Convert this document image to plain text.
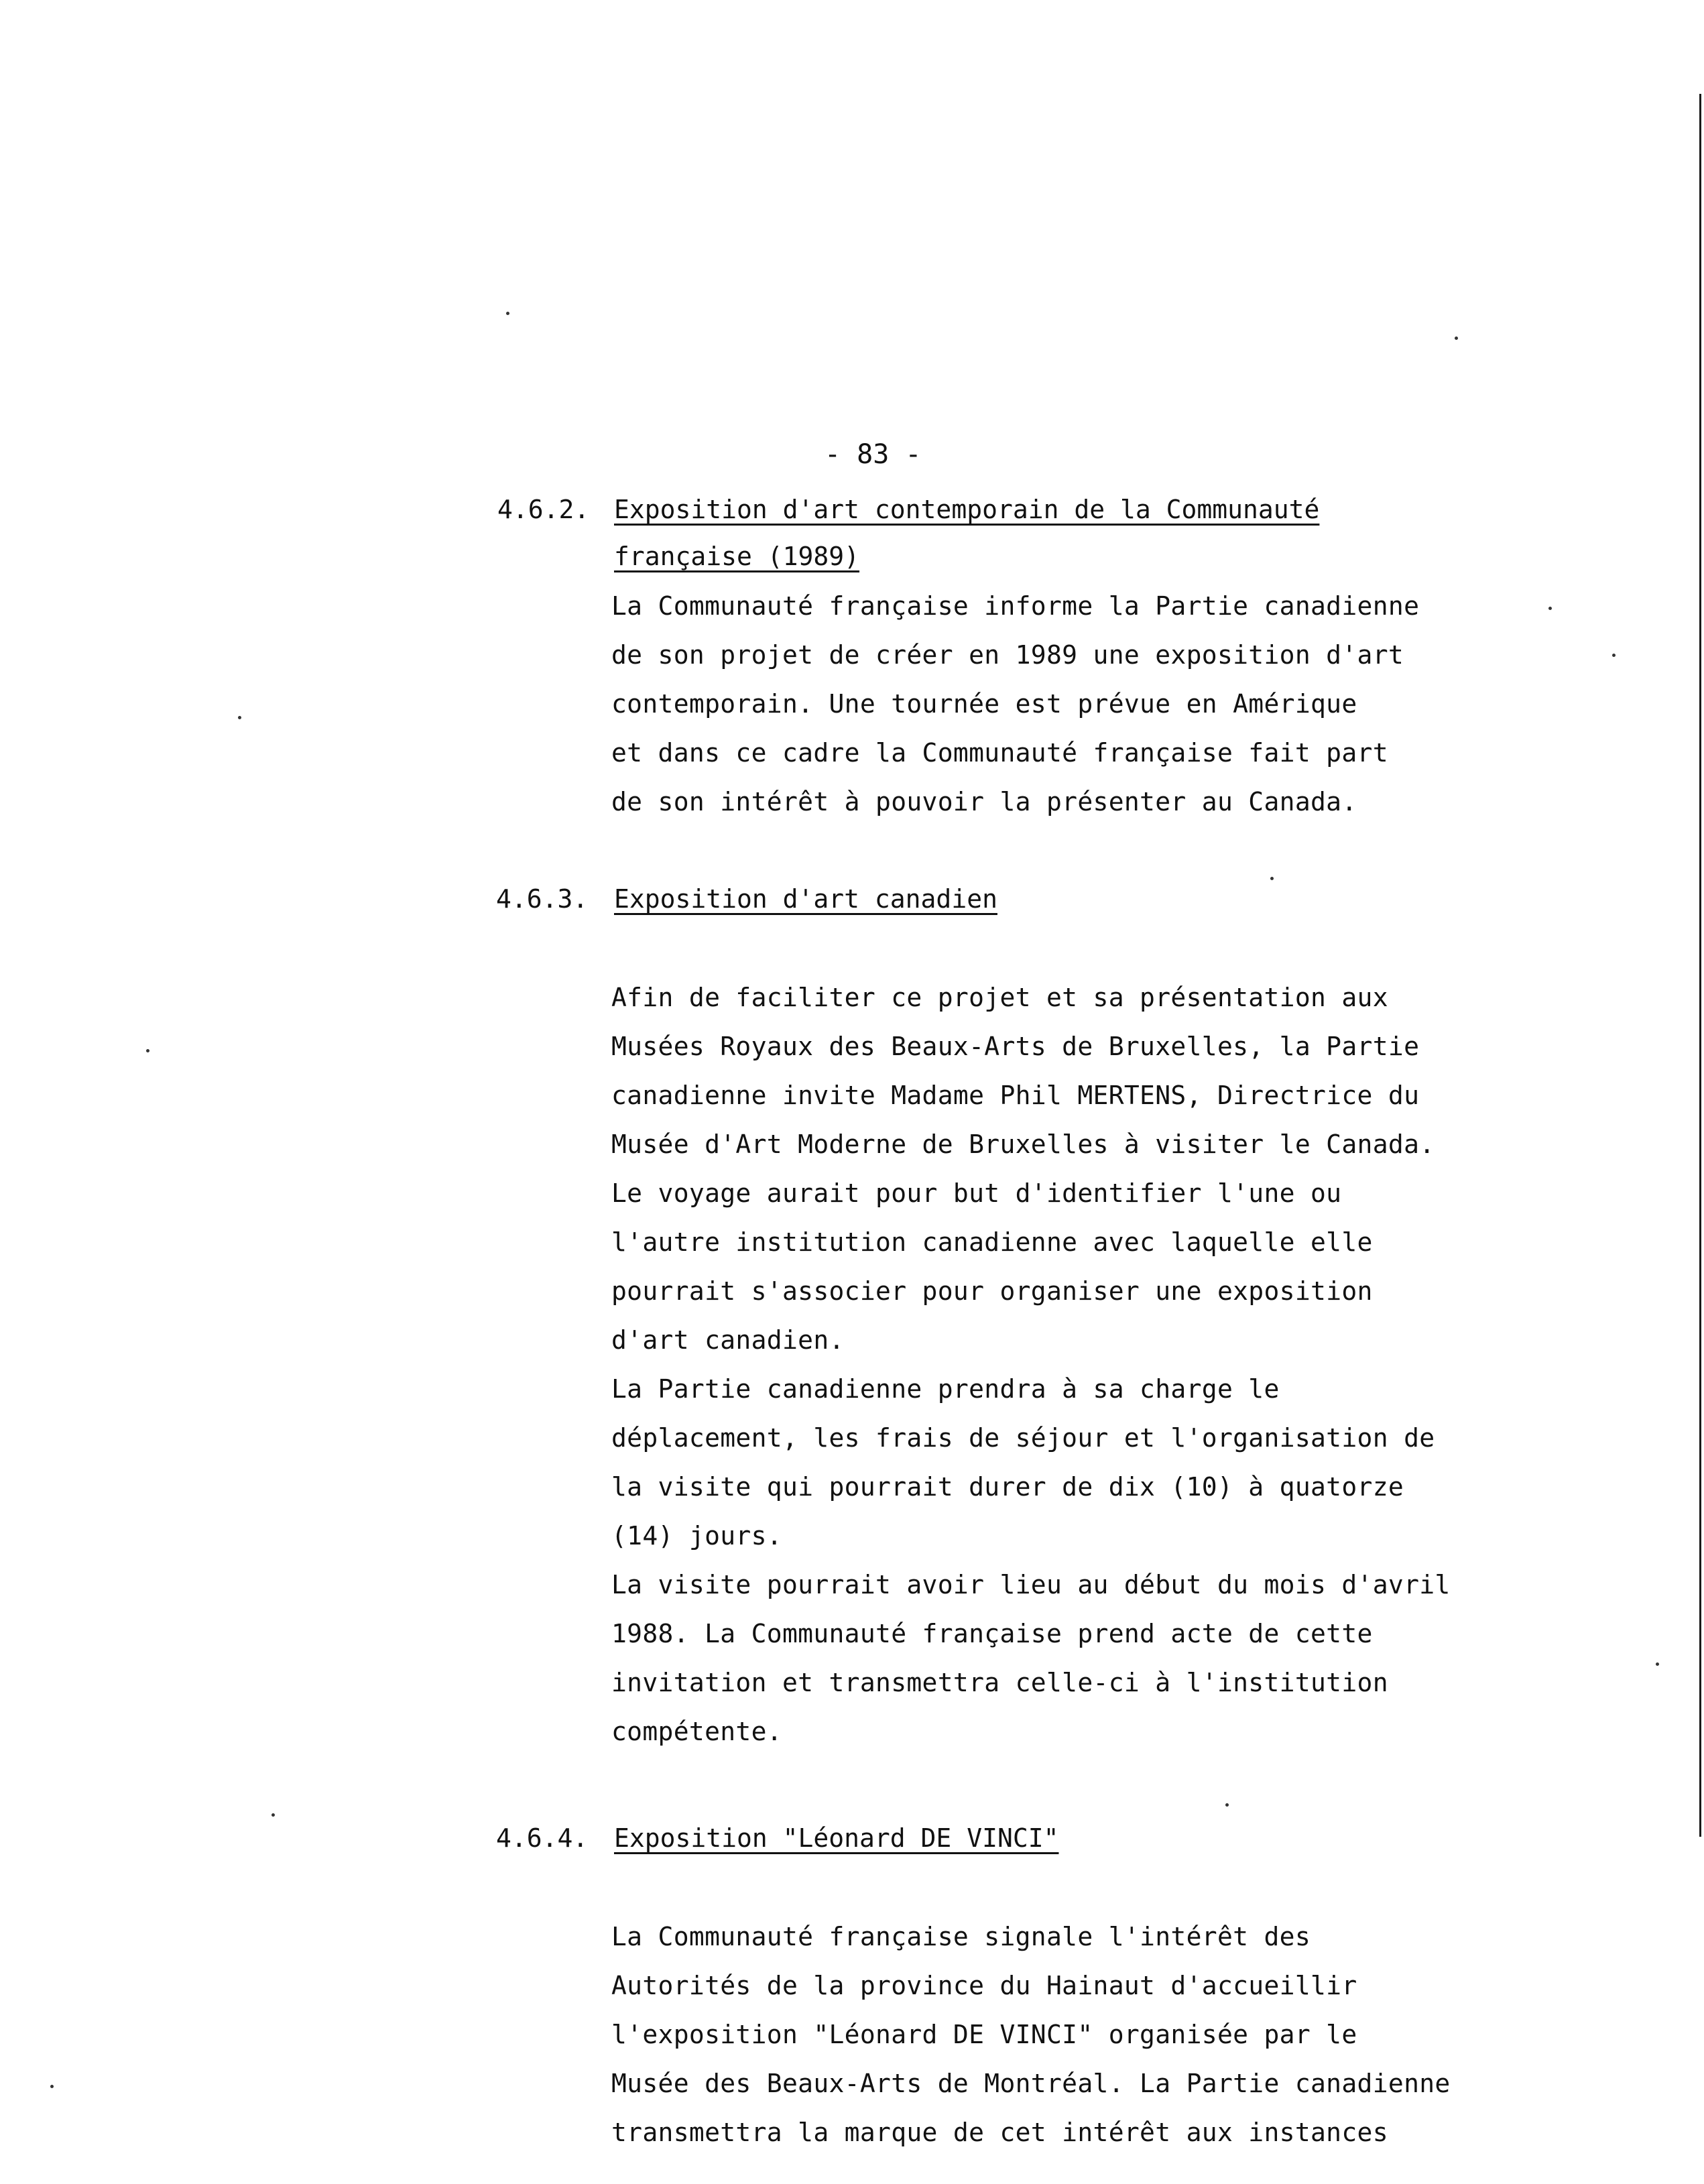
- 83 -
4.6.2. Exposition d'art contemporain de la Communauté
française (1989)
La Communauté française informe la Partie canadienne
de son projet de créer en 1989 une exposition d'art
contemporain. Une tournée est prévue en Amérique
et dans ce cadre la Communauté française fait part
de son intérêt à pouvoir la présenter au Canada.
4.6.3. Exposition d'art canadien
Afin de faciliter ce projet et sa présentation aux
Musées Royaux des Beaux-Arts de Bruxelles, la Partie
canadienne invite Madame Phil MERTENS, Directrice du
Musée d'Art Moderne de Bruxelles à visiter le Canada.
Le voyage aurait pour but d'identifier l'une ou
l'autre institution canadienne avec laquelle elle
pourrait s'associer pour organiser une exposition
d'art canadien.
La Partie canadienne prendra à sa charge le
déplacement, les frais de séjour et l'organisation de
la visite qui pourrait durer de dix (10) à quatorze
(14) jours.
La visite pourrait avoir lieu au début du mois d'avril
1988. La Communauté française prend acte de cette
invitation et transmettra celle-ci à l'institution
compétente.
4.6.4. Exposition "Léonard DE VINCI"
La Communauté française signale l'intérêt des
Autorités de la province du Hainaut d'accueillir
l'exposition "Léonard DE VINCI" organisée par le
Musée des Beaux-Arts de Montréal. La Partie canadienne
transmettra la marque de cet intérêt aux instances
